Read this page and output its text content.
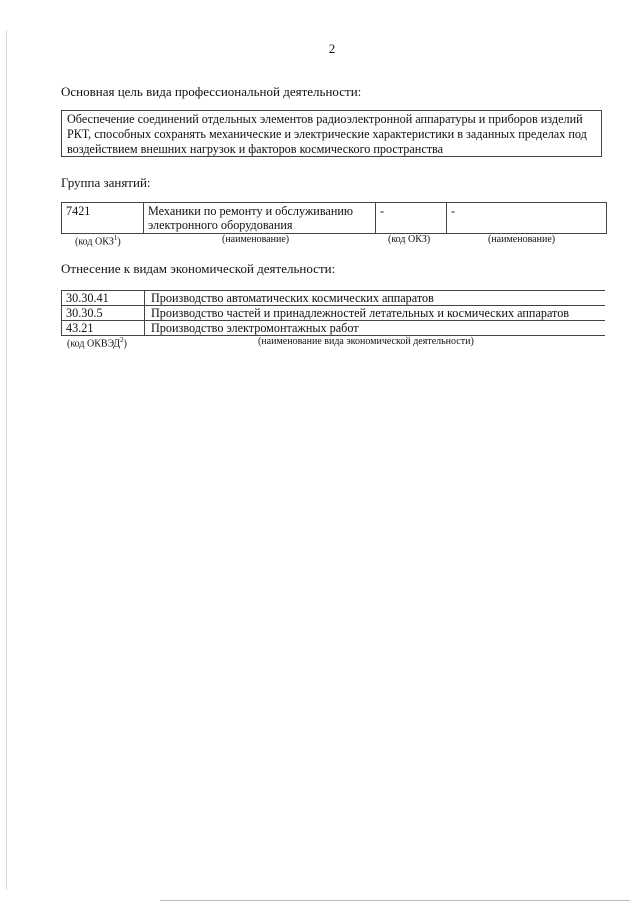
2
Основная цель вида профессиональной деятельности:
Обеспечение соединений отдельных элементов радиоэлектронной аппаратуры и приборов изделий РКТ, способных сохранять механические и электрические характеристики в заданных пределах под воздействием внешних нагрузок и факторов космического пространства
Группа занятий:
7421	Механики по ремонту и обслуживанию электронного оборудования	-	-
(код ОКЗ$^1$)	(наименование)	(код ОКЗ)	(наименование)
Отнесение к видам экономической деятельности:
30.30.41	Производство автоматических космических аппаратов
30.30.5	Производство частей и принадлежностей летательных и космических аппаратов
43.21	Производство электромонтажных работ
(код ОКВЭД$^2$)	(наименование вида экономической деятельности)
